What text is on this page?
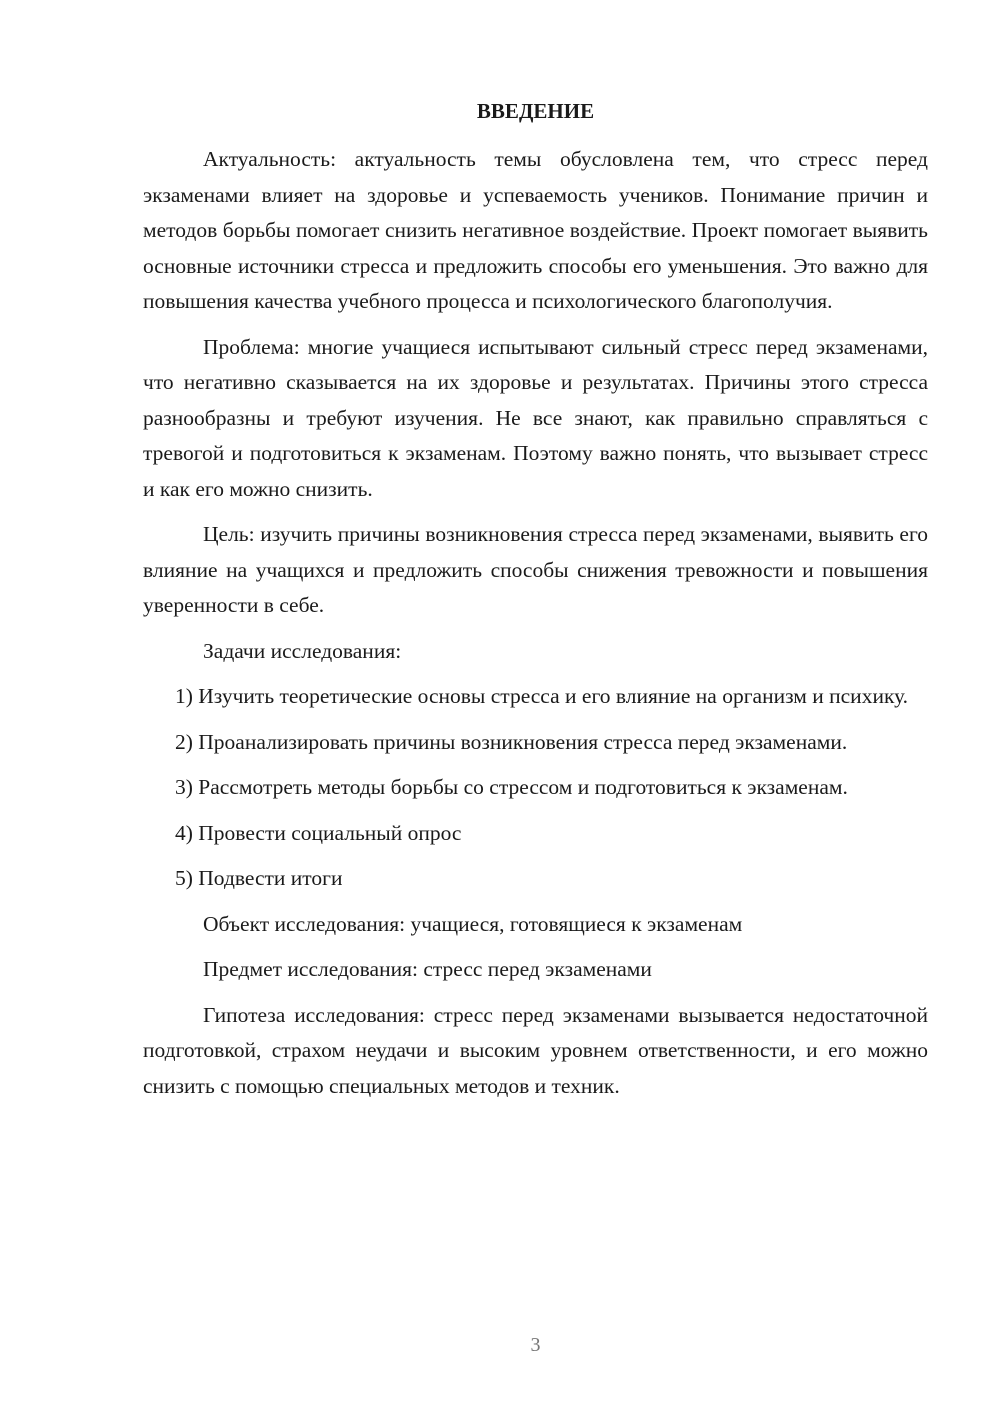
ВВЕДЕНИЕ

Актуальность: актуальность темы обусловлена тем, что стресс перед экзаменами влияет на здоровье и успеваемость учеников. Понимание причин и методов борьбы помогает снизить негативное воздействие. Проект помогает выявить основные источники стресса и предложить способы его уменьшения. Это важно для повышения качества учебного процесса и психологического благополучия.

Проблема: многие учащиеся испытывают сильный стресс перед экзаменами, что негативно сказывается на их здоровье и результатах. Причины этого стресса разнообразны и требуют изучения. Не все знают, как правильно справляться с тревогой и подготовиться к экзаменам. Поэтому важно понять, что вызывает стресс и как его можно снизить.

Цель: изучить причины возникновения стресса перед экзаменами, выявить его влияние на учащихся и предложить способы снижения тревожности и повышения уверенности в себе.

Задачи исследования:

1) Изучить теоретические основы стресса и его влияние на организм и психику.

2) Проанализировать причины возникновения стресса перед экзаменами.

3) Рассмотреть методы борьбы со стрессом и подготовиться к экзаменам.

4) Провести социальный опрос

5) Подвести итоги

Объект исследования: учащиеся, готовящиеся к экзаменам

Предмет исследования: стресс перед экзаменами

Гипотеза исследования: стресс перед экзаменами вызывается недостаточной подготовкой, страхом неудачи и высоким уровнем ответственности, и его можно снизить с помощью специальных методов и техник.

3
